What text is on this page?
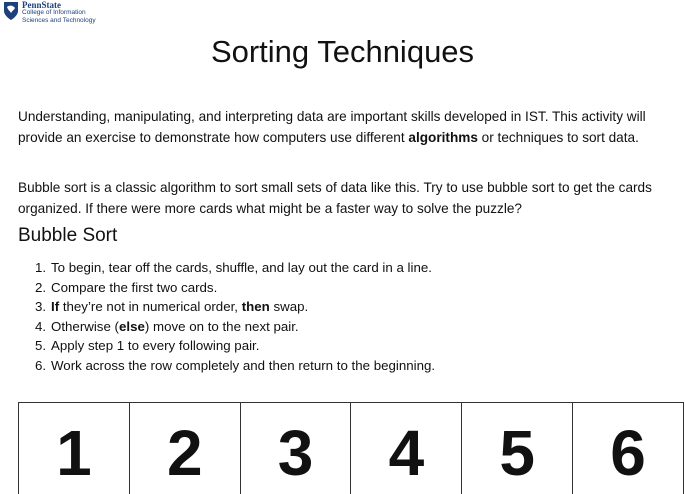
PennState
College of Information
Sciences and Technology
Sorting Techniques

Understanding, manipulating, and interpreting data are important skills developed in IST. This activity will provide an exercise to demonstrate how computers use different algorithms or techniques to sort data.

Bubble sort is a classic algorithm to sort small sets of data like this. Try to use bubble sort to get the cards organized. If there were more cards what might be a faster way to solve the puzzle?

Bubble Sort
1. To begin, tear off the cards, shuffle, and lay out the card in a line.
2. Compare the first two cards.
3. If they’re not in numerical order, then swap.
4. Otherwise (else) move on to the next pair.
5. Apply step 1 to every following pair.
6. Work across the row completely and then return to the beginning.
1	2	3	4	5	6
